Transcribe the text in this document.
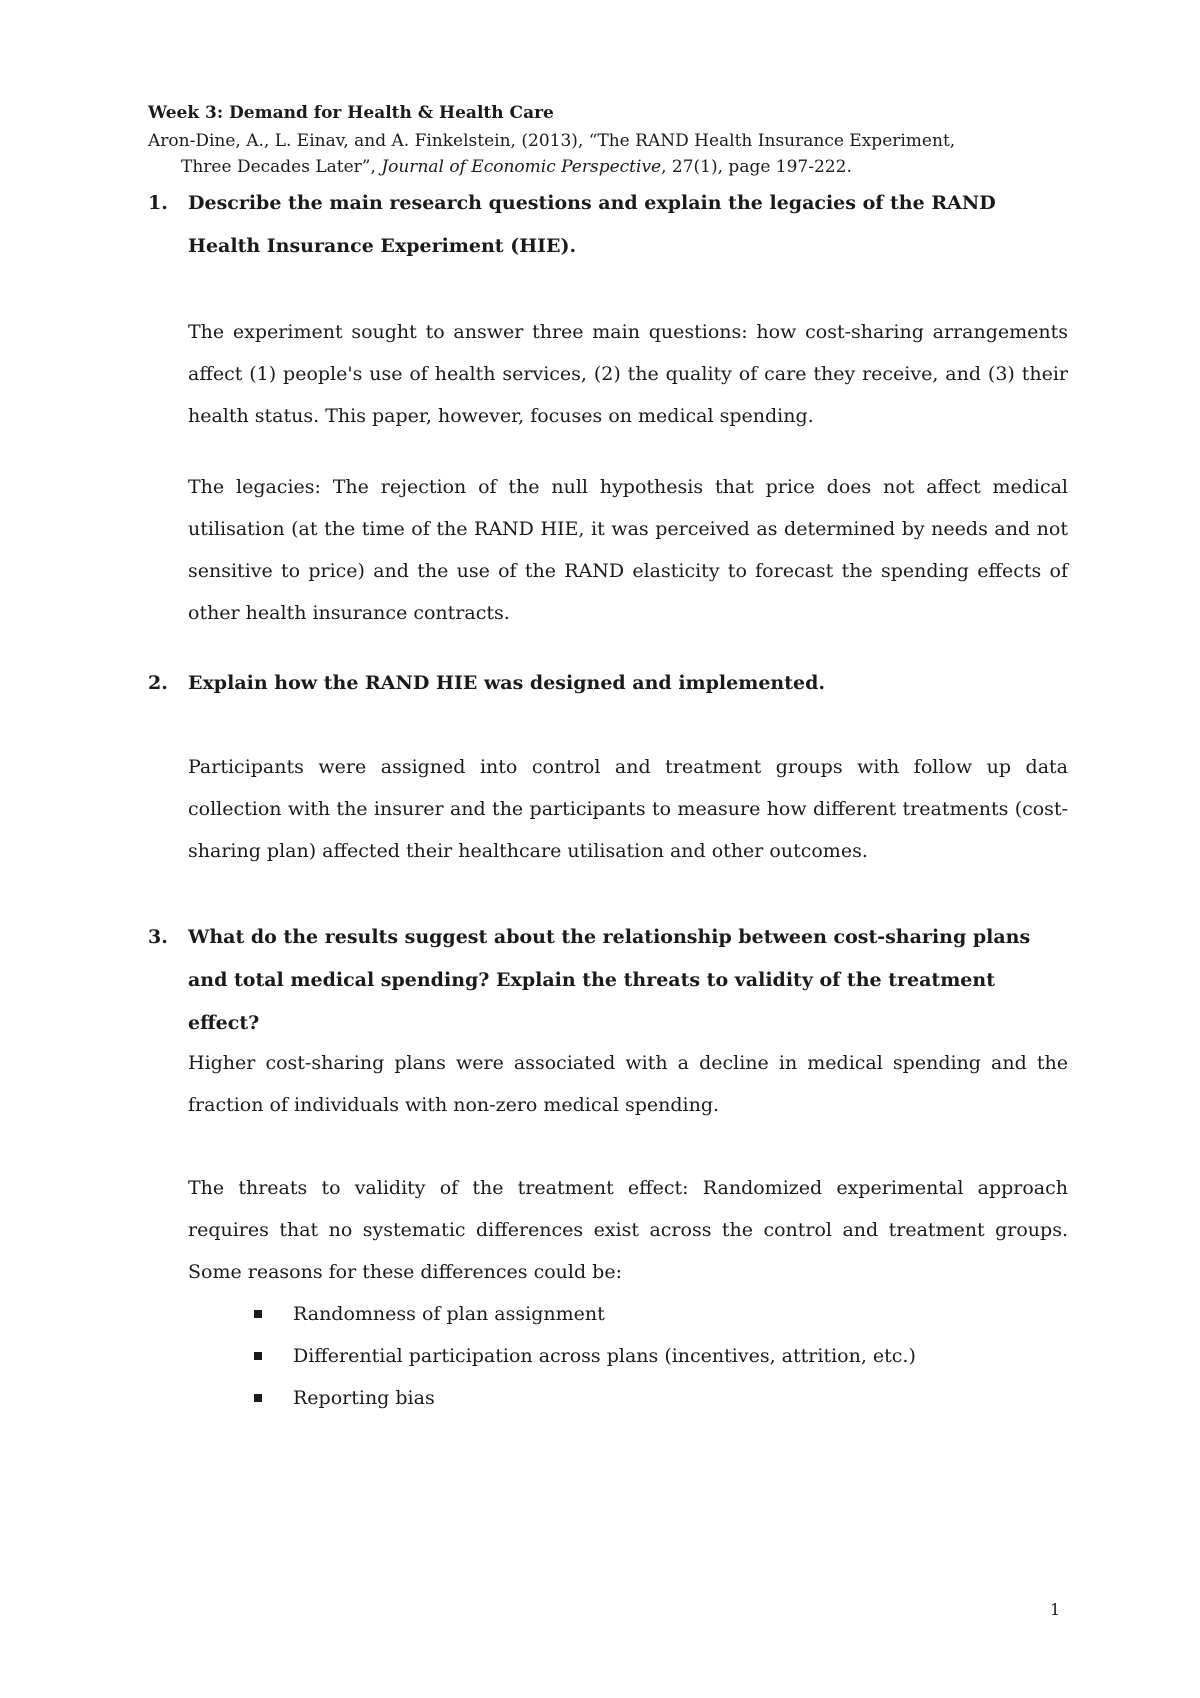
Week 3: Demand for Health & Health Care
Aron-Dine, A., L. Einav, and A. Finkelstein, (2013), “The RAND Health Insurance Experiment,
Three Decades Later”, Journal of Economic Perspective, 27(1), page 197-222.
1. Describe the main research questions and explain the legacies of the RAND Health Insurance Experiment (HIE).

The experiment sought to answer three main questions: how cost-sharing arrangements affect (1) people's use of health services, (2) the quality of care they receive, and (3) their health status. This paper, however, focuses on medical spending.

The legacies: The rejection of the null hypothesis that price does not affect medical utilisation (at the time of the RAND HIE, it was perceived as determined by needs and not sensitive to price) and the use of the RAND elasticity to forecast the spending effects of other health insurance contracts.

2. Explain how the RAND HIE was designed and implemented.

Participants were assigned into control and treatment groups with follow up data collection with the insurer and the participants to measure how different treatments (cost-sharing plan) affected their healthcare utilisation and other outcomes.

3. What do the results suggest about the relationship between cost-sharing plans and total medical spending? Explain the threats to validity of the treatment effect?

Higher cost-sharing plans were associated with a decline in medical spending and the fraction of individuals with non-zero medical spending.

The threats to validity of the treatment effect: Randomized experimental approach requires that no systematic differences exist across the control and treatment groups. Some reasons for these differences could be:

Randomness of plan assignment
Differential participation across plans (incentives, attrition, etc.)
Reporting bias
1
